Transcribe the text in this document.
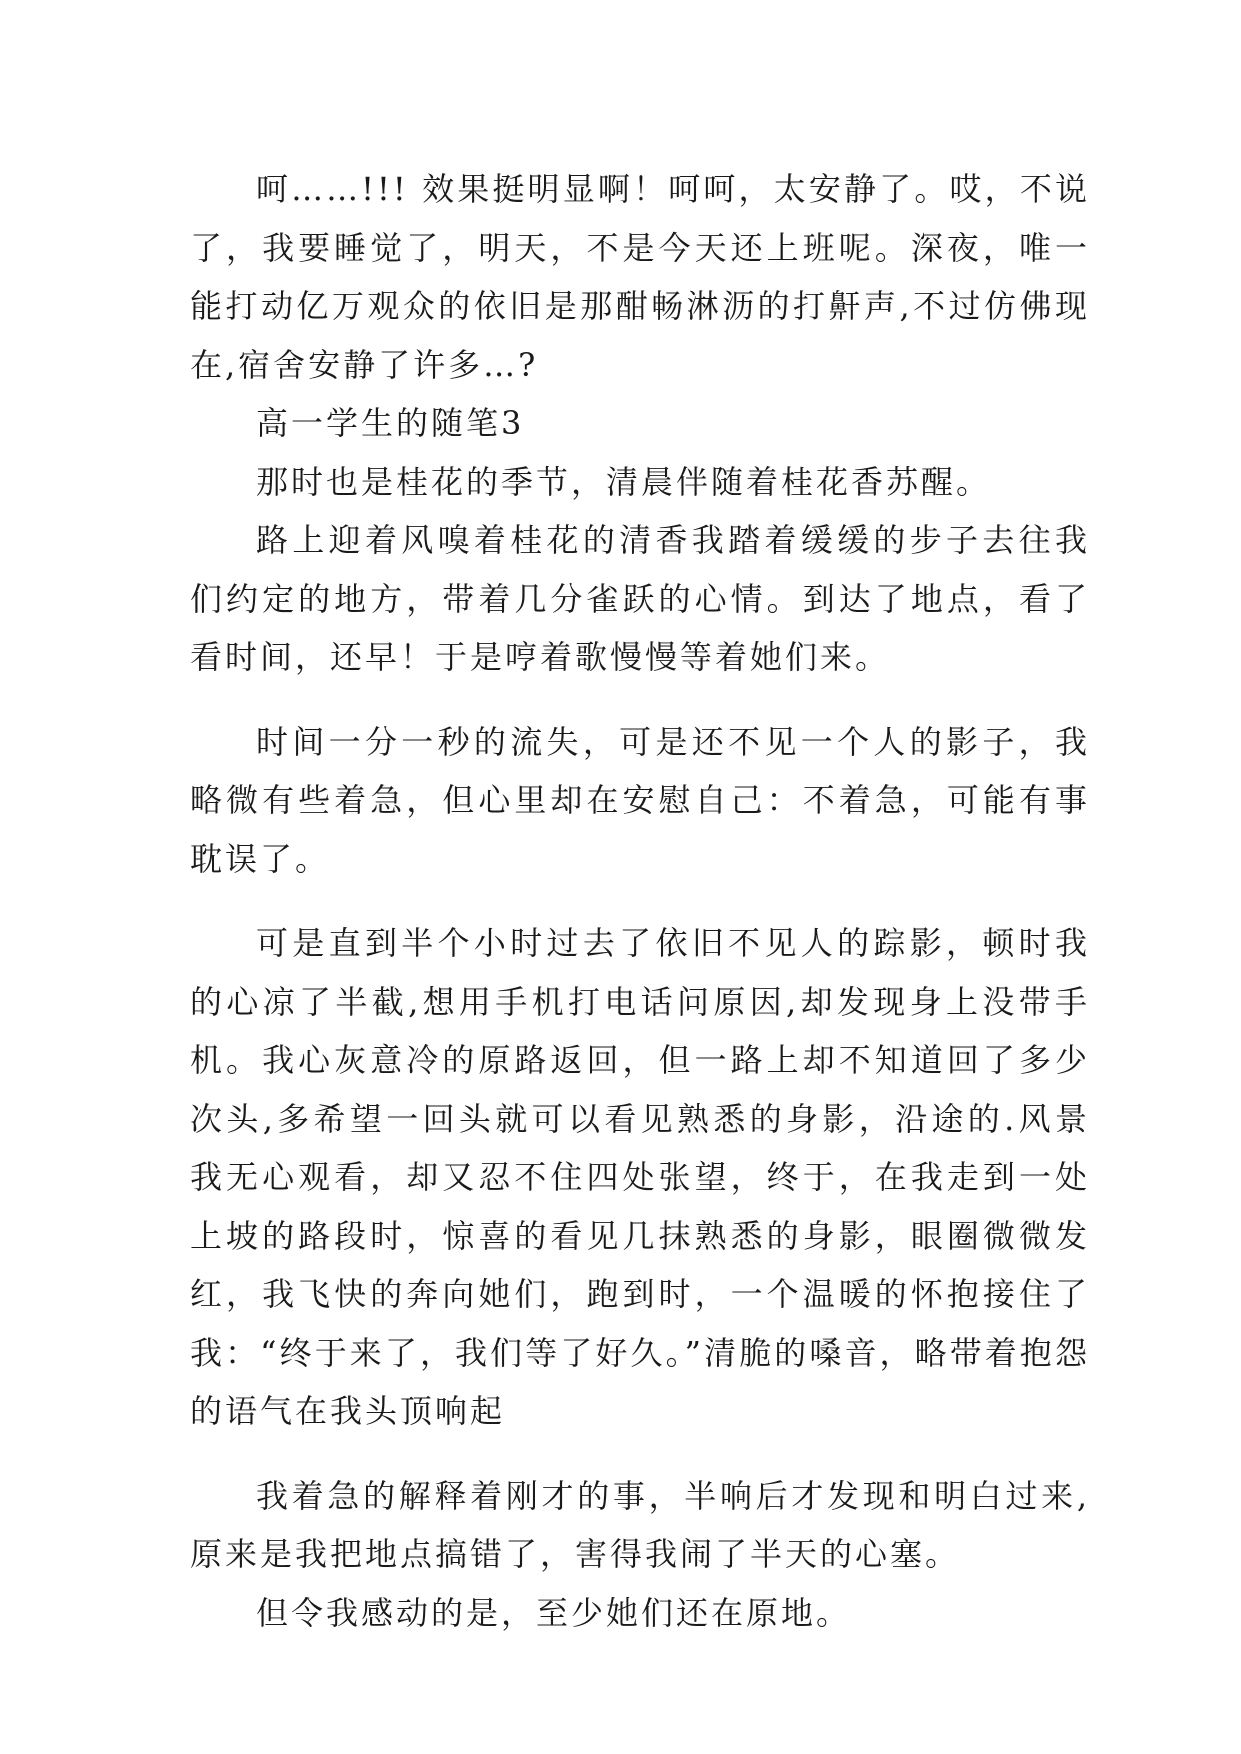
呵……!!! 效果挺明显啊！呵呵，太安静了。哎，不说了，我要睡觉了，明天，不是今天还上班呢。深夜，唯一能打动亿万观众的依旧是那酣畅淋沥的打鼾声,不过仿佛现在,宿舍安静了许多…?

高一学生的随笔3

那时也是桂花的季节，清晨伴随着桂花香苏醒。

路上迎着风嗅着桂花的清香我踏着缓缓的步子去往我们约定的地方，带着几分雀跃的心情。到达了地点，看了看时间，还早！于是哼着歌慢慢等着她们来。

时间一分一秒的流失，可是还不见一个人的影子，我略微有些着急，但心里却在安慰自己：不着急，可能有事耽误了。

可是直到半个小时过去了依旧不见人的踪影，顿时我的心凉了半截,想用手机打电话问原因,却发现身上没带手机。我心灰意冷的原路返回，但一路上却不知道回了多少次头,多希望一回头就可以看见熟悉的身影，沿途的.风景我无心观看，却又忍不住四处张望，终于，在我走到一处上坡的路段时，惊喜的看见几抹熟悉的身影，眼圈微微发红，我飞快的奔向她们，跑到时，一个温暖的怀抱接住了我：“终于来了，我们等了好久。”清脆的嗓音，略带着抱怨的语气在我头顶响起

我着急的解释着刚才的事，半响后才发现和明白过来,原来是我把地点搞错了，害得我闹了半天的心塞。

但令我感动的是，至少她们还在原地。
